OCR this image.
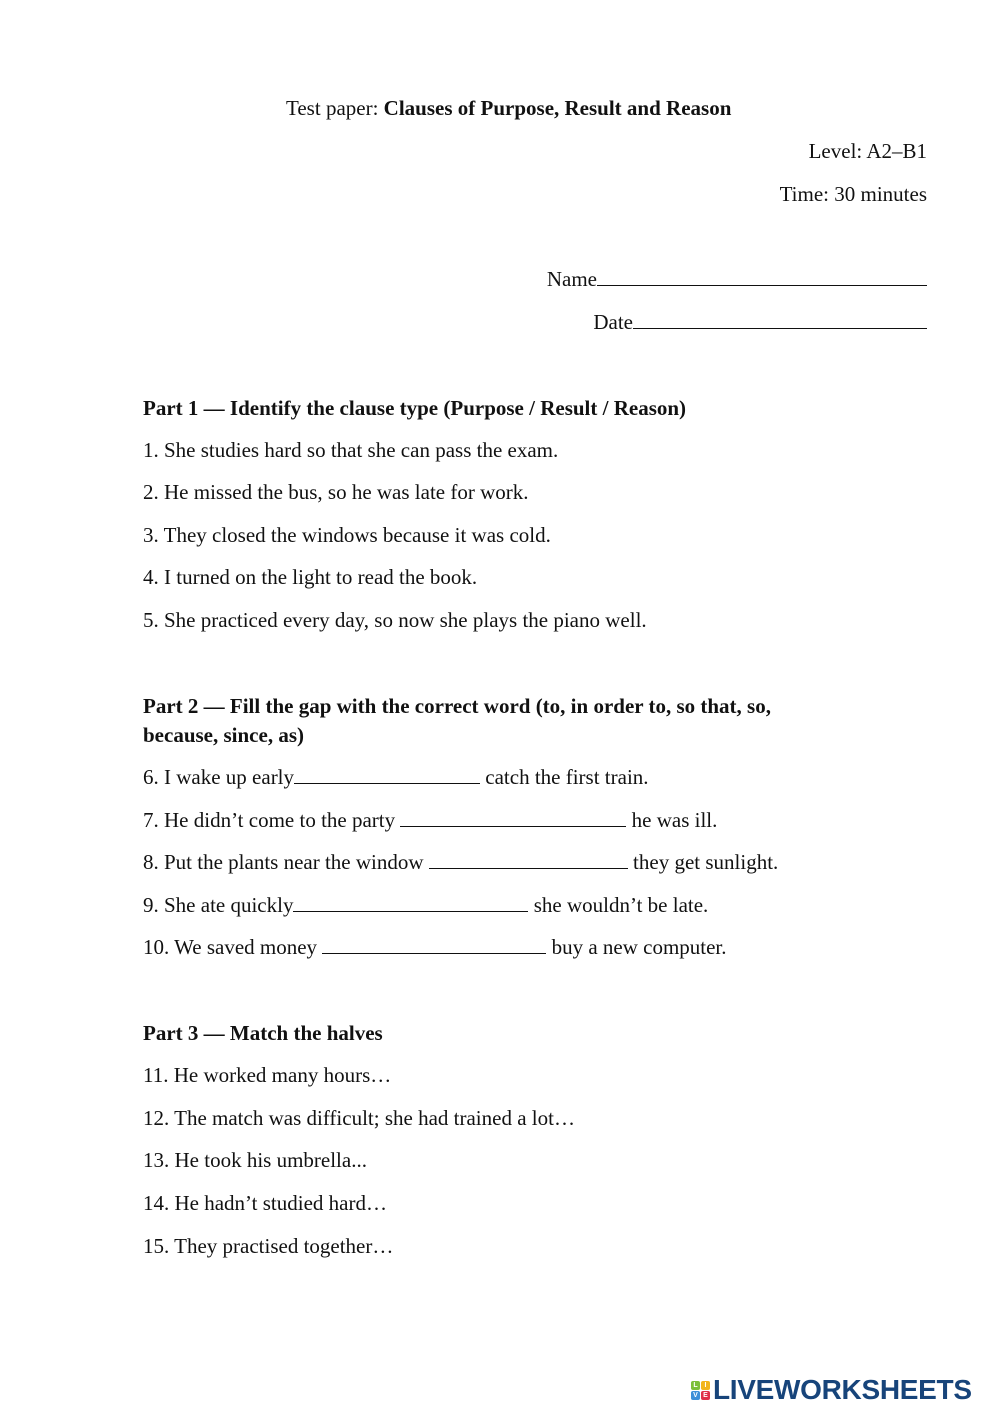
Test paper: Clauses of Purpose, Result and Reason
Level: A2–B1
Time: 30 minutes
Name
Date
Part 1 — Identify the clause type (Purpose / Result / Reason)
1. She studies hard so that she can pass the exam.
2. He missed the bus, so he was late for work.
3. They closed the windows because it was cold.
4. I turned on the light to read the book.
5. She practiced every day, so now she plays the piano well.
Part 2 — Fill the gap with the correct word (to, in order to, so that, so,
because, since, as)
6. I wake up early	catch the first train.
7. He didn’t come to the party	he was ill.
8. Put the plants near the window	they get sunlight.
9. She ate quickly	she wouldn’t be late.
10. We saved money	buy a new computer.
Part 3 — Match the halves
11. He worked many hours…
12. The match was difficult; she had trained a lot…
13. He took his umbrella...
14. He hadn’t studied hard…
15. They practised together…
L I
V E LIVEWORKSHEETS
